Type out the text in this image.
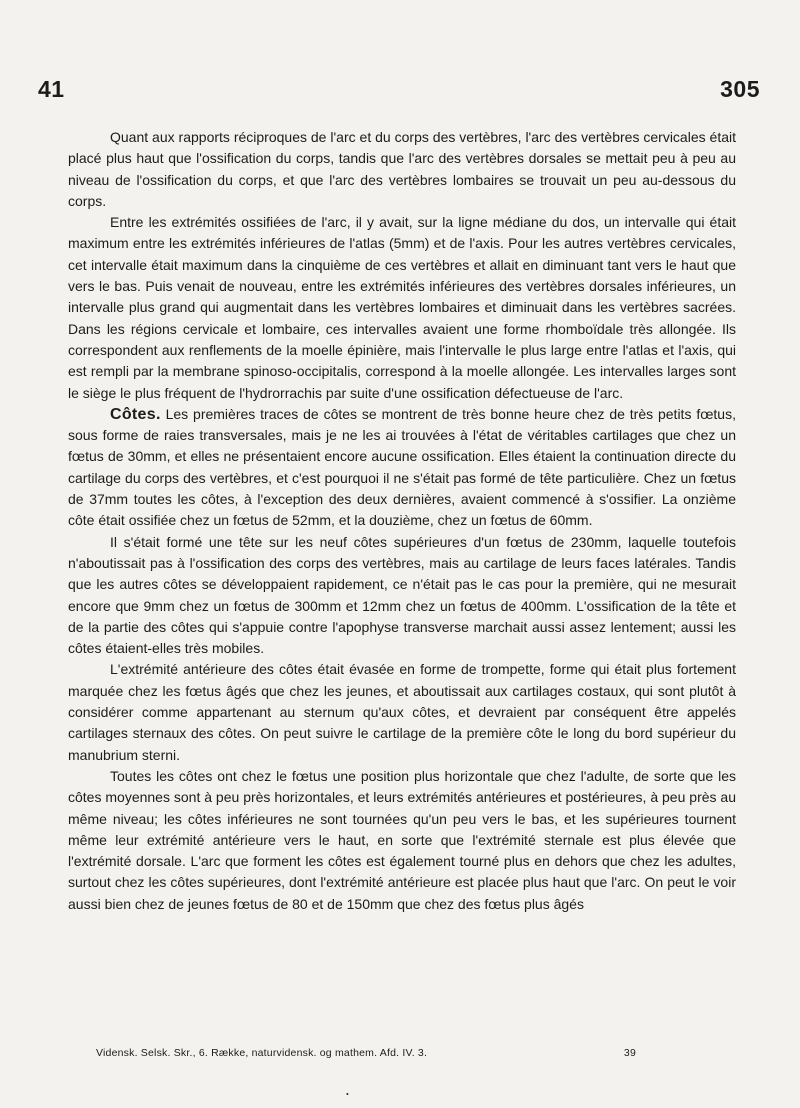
41	305

Quant aux rapports réciproques de l'arc et du corps des vertèbres, l'arc des vertèbres cervicales était placé plus haut que l'ossification du corps, tandis que l'arc des vertèbres dorsales se mettait peu à peu au niveau de l'ossification du corps, et que l'arc des vertèbres lombaires se trouvait un peu au-dessous du corps.

Entre les extrémités ossifiées de l'arc, il y avait, sur la ligne médiane du dos, un intervalle qui était maximum entre les extrémités inférieures de l'atlas (5mm) et de l'axis. Pour les autres vertèbres cervicales, cet intervalle était maximum dans la cinquième de ces vertèbres et allait en diminuant tant vers le haut que vers le bas. Puis venait de nouveau, entre les extrémités inférieures des vertèbres dorsales inférieures, un intervalle plus grand qui augmentait dans les vertèbres lombaires et diminuait dans les vertèbres sacrées. Dans les régions cervicale et lombaire, ces intervalles avaient une forme rhomboïdale très allongée. Ils correspondent aux renflements de la moelle épinière, mais l'intervalle le plus large entre l'atlas et l'axis, qui est rempli par la membrane spinoso-occipitalis, correspond à la moelle allongée. Les intervalles larges sont le siège le plus fréquent de l'hydrorrachis par suite d'une ossification défectueuse de l'arc.

Côtes. Les premières traces de côtes se montrent de très bonne heure chez de très petits fœtus, sous forme de raies transversales, mais je ne les ai trouvées à l'état de véritables cartilages que chez un fœtus de 30mm, et elles ne présentaient encore aucune ossification. Elles étaient la continuation directe du cartilage du corps des vertèbres, et c'est pourquoi il ne s'était pas formé de tête particulière. Chez un fœtus de 37mm toutes les côtes, à l'exception des deux dernières, avaient commencé à s'ossifier. La onzième côte était ossifiée chez un fœtus de 52mm, et la douzième, chez un fœtus de 60mm.

Il s'était formé une tête sur les neuf côtes supérieures d'un fœtus de 230mm, laquelle toutefois n'aboutissait pas à l'ossification des corps des vertèbres, mais au cartilage de leurs faces latérales. Tandis que les autres côtes se développaient rapidement, ce n'était pas le cas pour la première, qui ne mesurait encore que 9mm chez un fœtus de 300mm et 12mm chez un fœtus de 400mm. L'ossification de la tête et de la partie des côtes qui s'appuie contre l'apophyse transverse marchait aussi assez lentement; aussi les côtes étaient-elles très mobiles.

L'extrémité antérieure des côtes était évasée en forme de trompette, forme qui était plus fortement marquée chez les fœtus âgés que chez les jeunes, et aboutissait aux cartilages costaux, qui sont plutôt à considérer comme appartenant au sternum qu'aux côtes, et devraient par conséquent être appelés cartilages sternaux des côtes. On peut suivre le cartilage de la première côte le long du bord supérieur du manubrium sterni.

Toutes les côtes ont chez le fœtus une position plus horizontale que chez l'adulte, de sorte que les côtes moyennes sont à peu près horizontales, et leurs extrémités antérieures et postérieures, à peu près au même niveau; les côtes inférieures ne sont tournées qu'un peu vers le bas, et les supérieures tournent même leur extrémité antérieure vers le haut, en sorte que l'extrémité sternale est plus élevée que l'extrémité dorsale. L'arc que forment les côtes est également tourné plus en dehors que chez les adultes, surtout chez les côtes supérieures, dont l'extrémité antérieure est placée plus haut que l'arc. On peut le voir aussi bien chez de jeunes fœtus de 80 et de 150mm que chez des fœtus plus âgés

Vidensk. Selsk. Skr., 6. Række, naturvidensk. og mathem. Afd. IV. 3.	39
•
